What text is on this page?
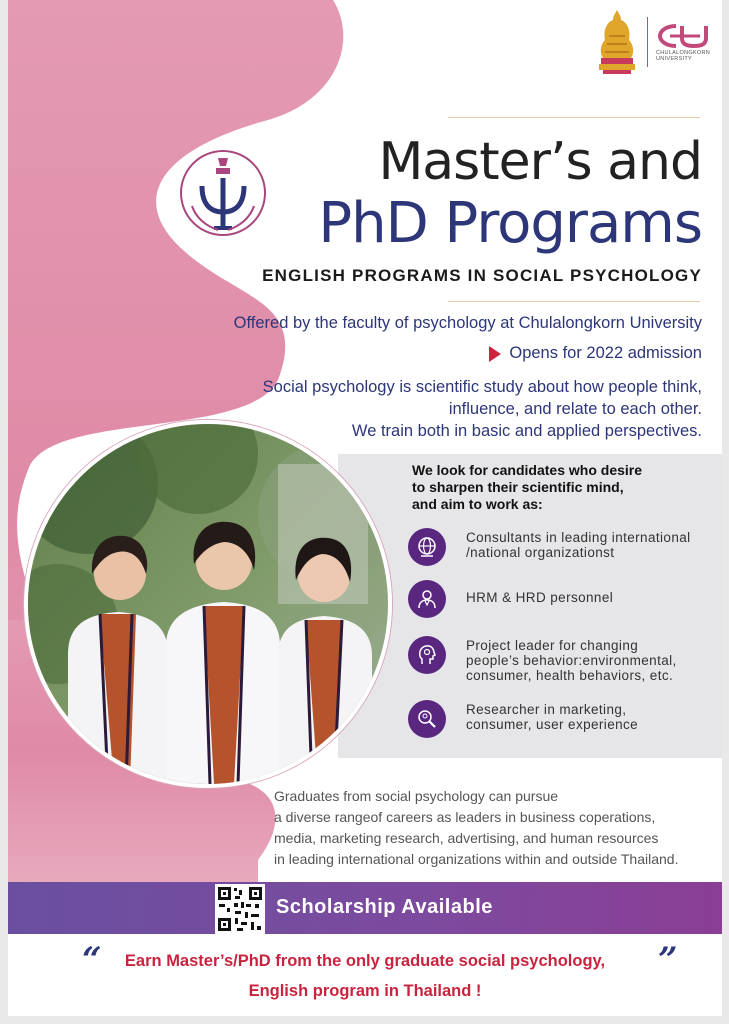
CHULALONGKORN
UNIVERSITY
Master’s and
PhD Programs
ENGLISH PROGRAMS IN SOCIAL PSYCHOLOGY
Offered by the faculty of psychology at Chulalongkorn University
Opens for 2022 admission
Social psychology is scientific study about how people think,
influence, and relate to each other.
We train both in basic and applied perspectives.
We look for candidates who desire
to sharpen their scientific mind,
and aim to work as:
Consultants in leading international
/national organizationst
HRM & HRD personnel
Project leader for changing
people’s behavior:environmental,
consumer, health behaviors, etc.
Researcher in marketing,
consumer, user experience
Graduates from social psychology can pursue
a diverse rangeof careers as leaders in business coperations,
media, marketing research, advertising, and human resources
in leading international organizations within and outside Thailand.
Scholarship Available
“	”
Earn Master’s/PhD from the only graduate social psychology,
English program in Thailand !
